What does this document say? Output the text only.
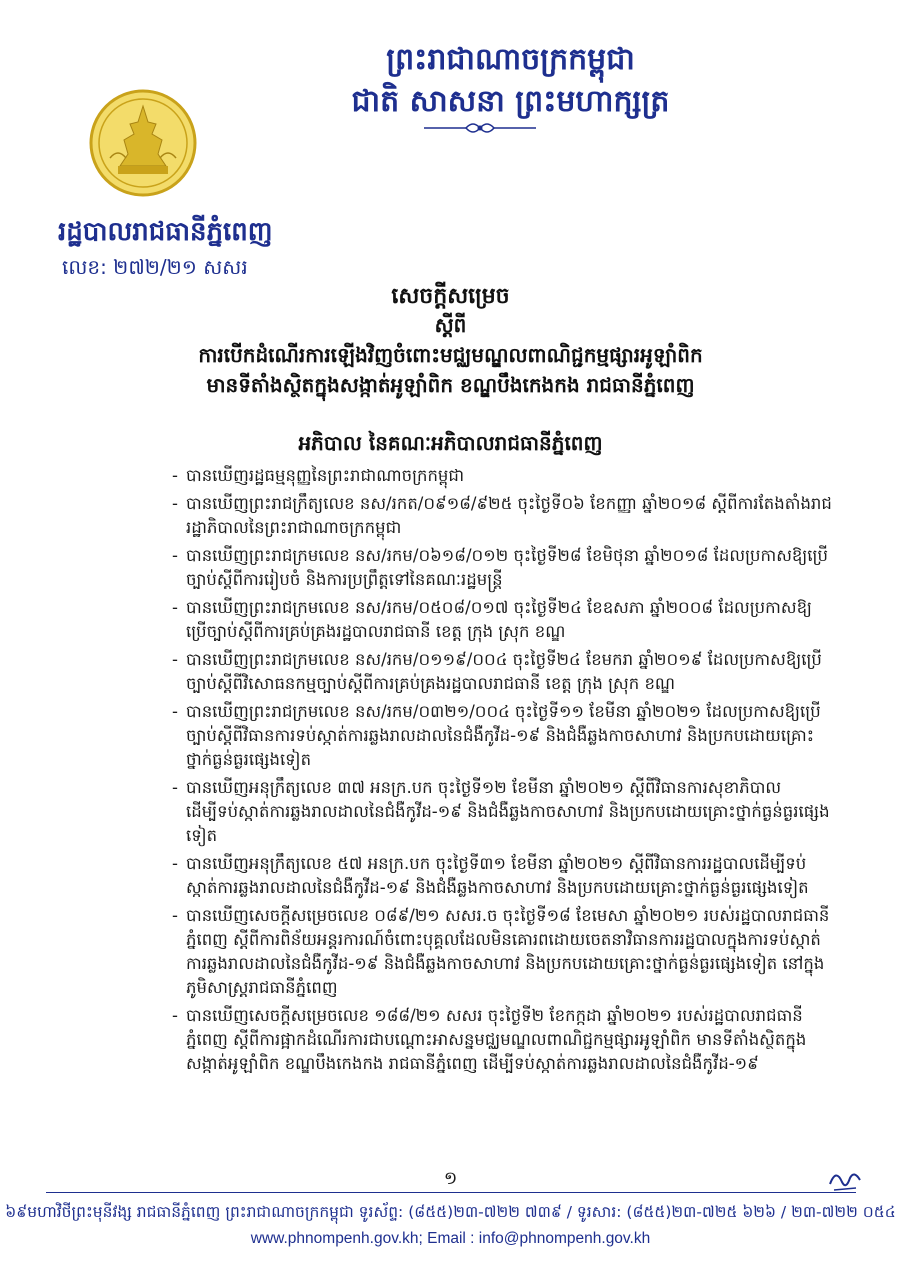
ព្រះរាជាណាចក្រកម្ពុជា
ជាតិ សាសនា ព្រះមហាក្សត្រ
រដ្ឋបាលរាជធានីភ្នំពេញ
លេខ: ២៧២/២១ សសរ
សេចក្ដីសម្រេច
ស្ដីពី
ការបើកដំណើរការឡើងវិញចំពោះមជ្ឈមណ្ឌលពាណិជ្ជកម្មផ្សារអូឡាំពិក
មានទីតាំងស្ថិតក្នុងសង្កាត់អូឡាំពិក ខណ្ឌបឹងកេងកង រាជធានីភ្នំពេញ
អភិបាល នៃគណៈអភិបាលរាជធានីភ្នំពេញ
- បានឃើញរដ្ឋធម្មនុញ្ញនៃព្រះរាជាណាចក្រកម្ពុជា
- បានឃើញព្រះរាជក្រឹត្យលេខ នស/រកត/០៩១៨/៩២៥ ចុះថ្ងៃទី០៦ ខែកញ្ញា ឆ្នាំ២០១៨ ស្ដីពីការតែងតាំងរាជរដ្ឋាភិបាលនៃព្រះរាជាណាចក្រកម្ពុជា
- បានឃើញព្រះរាជក្រមលេខ នស/រកម/០៦១៨/០១២ ចុះថ្ងៃទី២៨ ខែមិថុនា ឆ្នាំ២០១៨ ដែលប្រកាសឱ្យប្រើច្បាប់ស្ដីពីការរៀបចំ និងការប្រព្រឹត្តទៅនៃគណៈរដ្ឋមន្ត្រី
- បានឃើញព្រះរាជក្រមលេខ នស/រកម/០៥០៨/០១៧ ចុះថ្ងៃទី២៤ ខែឧសភា ឆ្នាំ២០០៨ ដែលប្រកាសឱ្យប្រើច្បាប់ស្ដីពីការគ្រប់គ្រងរដ្ឋបាលរាជធានី ខេត្ត ក្រុង ស្រុក ខណ្ឌ
- បានឃើញព្រះរាជក្រមលេខ នស/រកម/០១១៩/០០៤ ចុះថ្ងៃទី២៤ ខែមករា ឆ្នាំ២០១៩ ដែលប្រកាសឱ្យប្រើច្បាប់ស្ដីពីវិសោធនកម្មច្បាប់ស្ដីពីការគ្រប់គ្រងរដ្ឋបាលរាជធានី ខេត្ត ក្រុង ស្រុក ខណ្ឌ
- បានឃើញព្រះរាជក្រមលេខ នស/រកម/០៣២១/០០៤ ចុះថ្ងៃទី១១ ខែមីនា ឆ្នាំ២០២១ ដែលប្រកាសឱ្យប្រើច្បាប់ស្ដីពីវិធានការទប់ស្កាត់ការឆ្លងរាលដាលនៃជំងឺកូវីដ-១៩ និងជំងឺឆ្លងកាចសាហាវ និងប្រកបដោយគ្រោះថ្នាក់ធ្ងន់ធ្ងរផ្សេងទៀត
- បានឃើញអនុក្រឹត្យលេខ ៣៧ អនក្រ.បក ចុះថ្ងៃទី១២ ខែមីនា ឆ្នាំ២០២១ ស្ដីពីវិធានការសុខាភិបាលដើម្បីទប់ស្កាត់ការឆ្លងរាលដាលនៃជំងឺកូវីដ-១៩ និងជំងឺឆ្លងកាចសាហាវ និងប្រកបដោយគ្រោះថ្នាក់ធ្ងន់ធ្ងរផ្សេងទៀត
- បានឃើញអនុក្រឹត្យលេខ ៥៧ អនក្រ.បក ចុះថ្ងៃទី៣១ ខែមីនា ឆ្នាំ២០២១ ស្ដីពីវិធានការរដ្ឋបាលដើម្បីទប់ស្កាត់ការឆ្លងរាលដាលនៃជំងឺកូវីដ-១៩ និងជំងឺឆ្លងកាចសាហាវ និងប្រកបដោយគ្រោះថ្នាក់ធ្ងន់ធ្ងរផ្សេងទៀត
- បានឃើញសេចក្ដីសម្រេចលេខ ០៨៩/២១ សសរ.ច ចុះថ្ងៃទី១៨ ខែមេសា ឆ្នាំ២០២១ របស់រដ្ឋបាលរាជធានីភ្នំពេញ ស្ដីពីការពិន័យអន្តរការណ៍ចំពោះបុគ្គលដែលមិនគោរពដោយចេតនាវិធានការរដ្ឋបាលក្នុងការទប់ស្កាត់ការឆ្លងរាលដាលនៃជំងឺកូវីដ-១៩ និងជំងឺឆ្លងកាចសាហាវ និងប្រកបដោយគ្រោះថ្នាក់ធ្ងន់ធ្ងរផ្សេងទៀត នៅក្នុងភូមិសាស្ត្ររាជធានីភ្នំពេញ
- បានឃើញសេចក្ដីសម្រេចលេខ ១៨៨/២១ សសរ ចុះថ្ងៃទី២ ខែកក្កដា ឆ្នាំ២០២១ របស់រដ្ឋបាលរាជធានីភ្នំពេញ ស្ដីពីការផ្អាកដំណើរការជាបណ្ដោះអាសន្នមជ្ឈមណ្ឌលពាណិជ្ជកម្មផ្សារអូឡាំពិក មានទីតាំងស្ថិតក្នុងសង្កាត់អូឡាំពិក ខណ្ឌបឹងកេងកង រាជធានីភ្នំពេញ ដើម្បីទប់ស្កាត់ការឆ្លងរាលដាលនៃជំងឺកូវីដ-១៩
១
៦៩មហាវិថីព្រះមុនីវង្ស រាជធានីភ្នំពេញ ព្រះរាជាណាចក្រកម្ពុជា ទូរស័ព្ទ: (៨៥៥)២៣-៧២២ ៧៣៩ / ទូរសារ: (៨៥៥)២៣-៧២៥ ៦២៦ / ២៣-៧២២ ០៥៤
www.phnompenh.gov.kh; Email : info@phnompenh.gov.kh
